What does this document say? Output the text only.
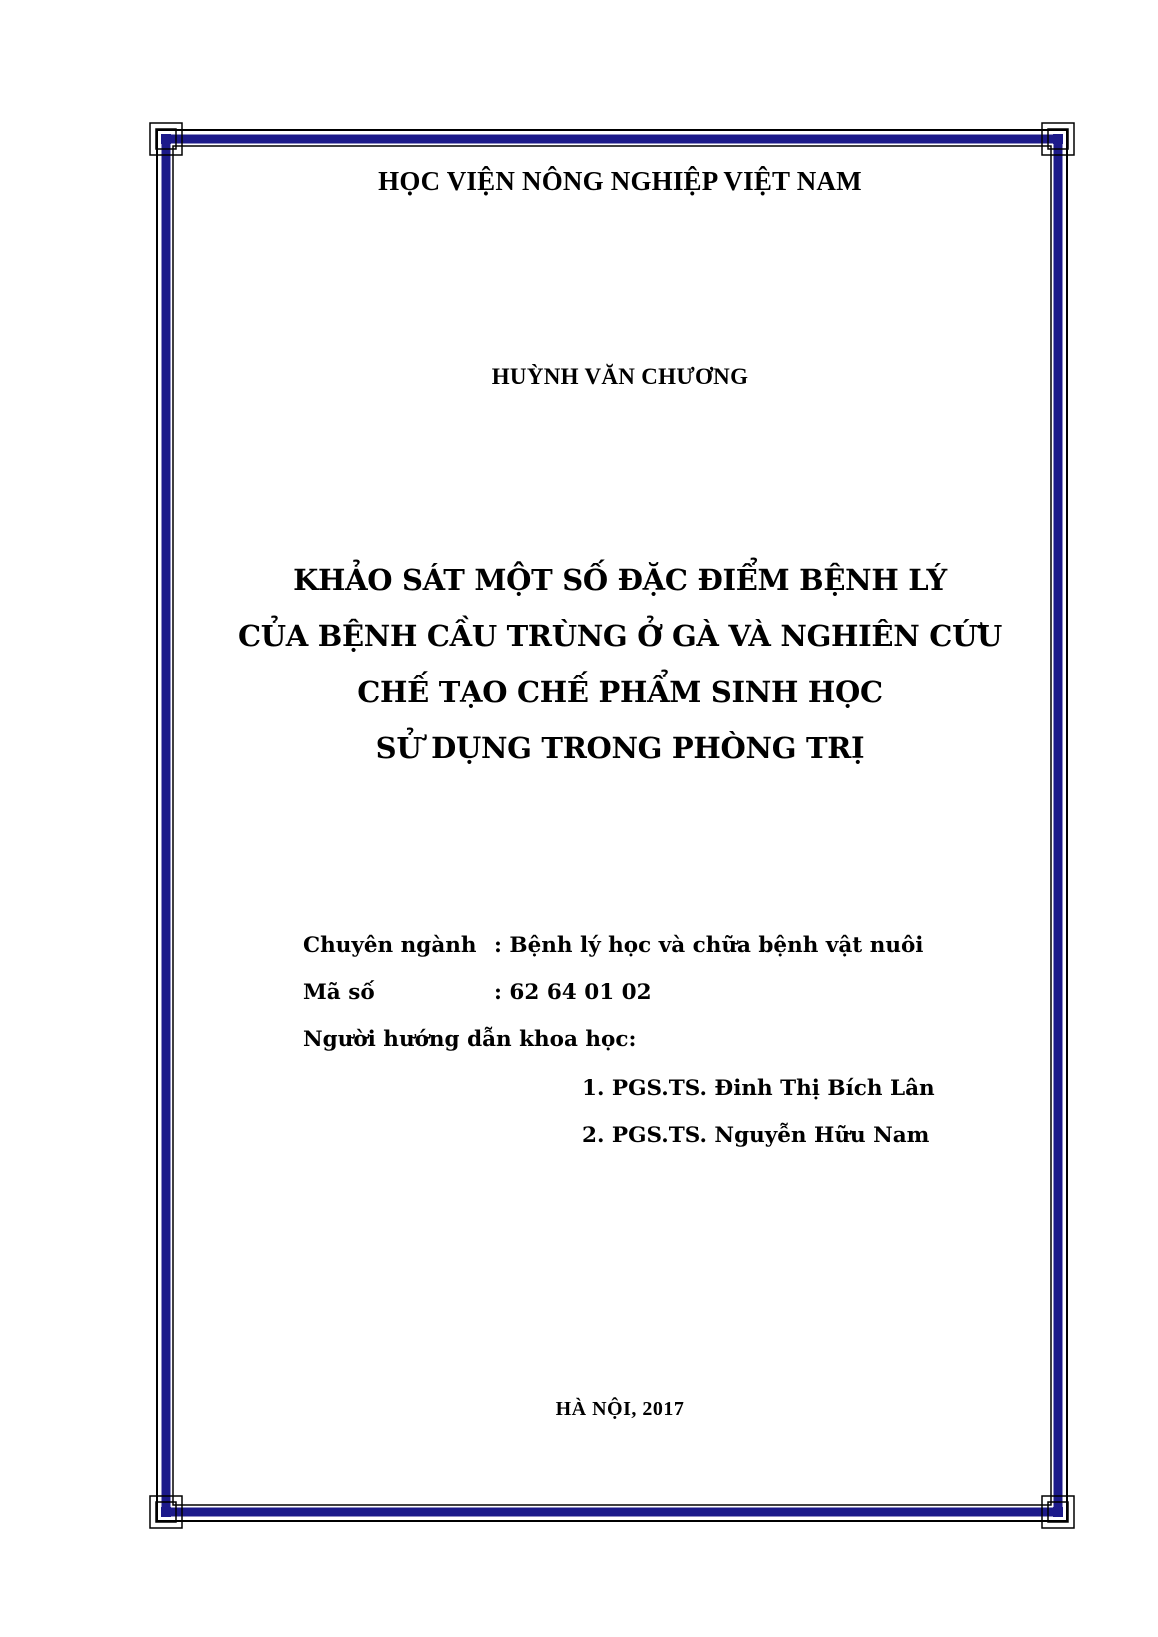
HỌC VIỆN NÔNG NGHIỆP VIỆT NAM
HUỲNH VĂN CHƯƠNG
KHẢO SÁT MỘT SỐ ĐẶC ĐIỂM BỆNH LÝ
CỦA BỆNH CẦU TRÙNG Ở GÀ VÀ NGHIÊN CỨU
CHẾ TẠO CHẾ PHẨM SINH HỌC
SỬ DỤNG TRONG PHÒNG TRỊ
Chuyên ngành : Bệnh lý học và chữa bệnh vật nuôi
Mã số	: 62 64 01 02
Người hướng dẫn khoa học:
1. PGS.TS. Đinh Thị Bích Lân
2. PGS.TS. Nguyễn Hữu Nam
HÀ NỘI, 2017
